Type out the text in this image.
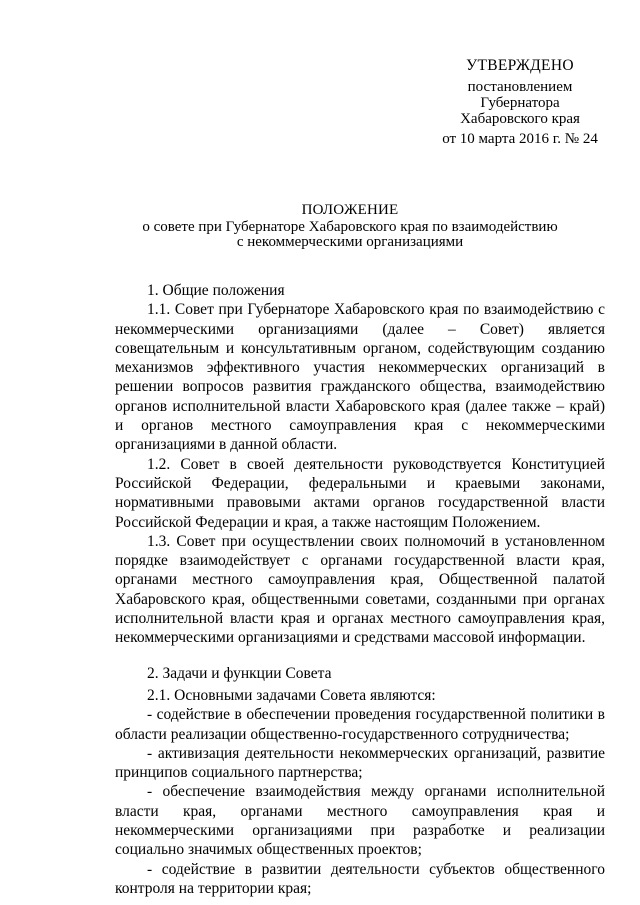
УТВЕРЖДЕНО
постановлением
Губернатора
Хабаровского края
от 10 марта 2016 г. № 24
ПОЛОЖЕНИЕ
о совете при Губернаторе Хабаровского края по взаимодействию
с некоммерческими организациями

1. Общие положения

1.1. Совет при Губернаторе Хабаровского края по взаимодействию с некоммерческими организациями (далее – Совет) является совещательным и консультативным органом, содействующим созданию механизмов эффективного участия некоммерческих организаций в решении вопросов развития гражданского общества, взаимодействию органов исполнительной власти Хабаровского края (далее также – край) и органов местного самоуправления края с некоммерческими организациями в данной области.

1.2. Совет в своей деятельности руководствуется Конституцией Российской Федерации, федеральными и краевыми законами, нормативными правовыми актами органов государственной власти Российской Федерации и края, а также настоящим Положением.

1.3. Совет при осуществлении своих полномочий в установленном порядке взаимодействует с органами государственной власти края, органами местного самоуправления края, Общественной палатой Хабаровского края, общественными советами, созданными при органах исполнительной власти края и органах местного самоуправления края, некоммерческими организациями и средствами массовой информации.

2. Задачи и функции Совета

2.1. Основными задачами Совета являются:

- содействие в обеспечении проведения государственной политики в области реализации общественно-государственного сотрудничества;

- активизация деятельности некоммерческих организаций, развитие принципов социального партнерства;

- обеспечение взаимодействия между органами исполнительной власти края, органами местного самоуправления края и некоммерческими организациями при разработке и реализации социально значимых общественных проектов;

- содействие в развитии деятельности субъектов общественного контроля на территории края;
